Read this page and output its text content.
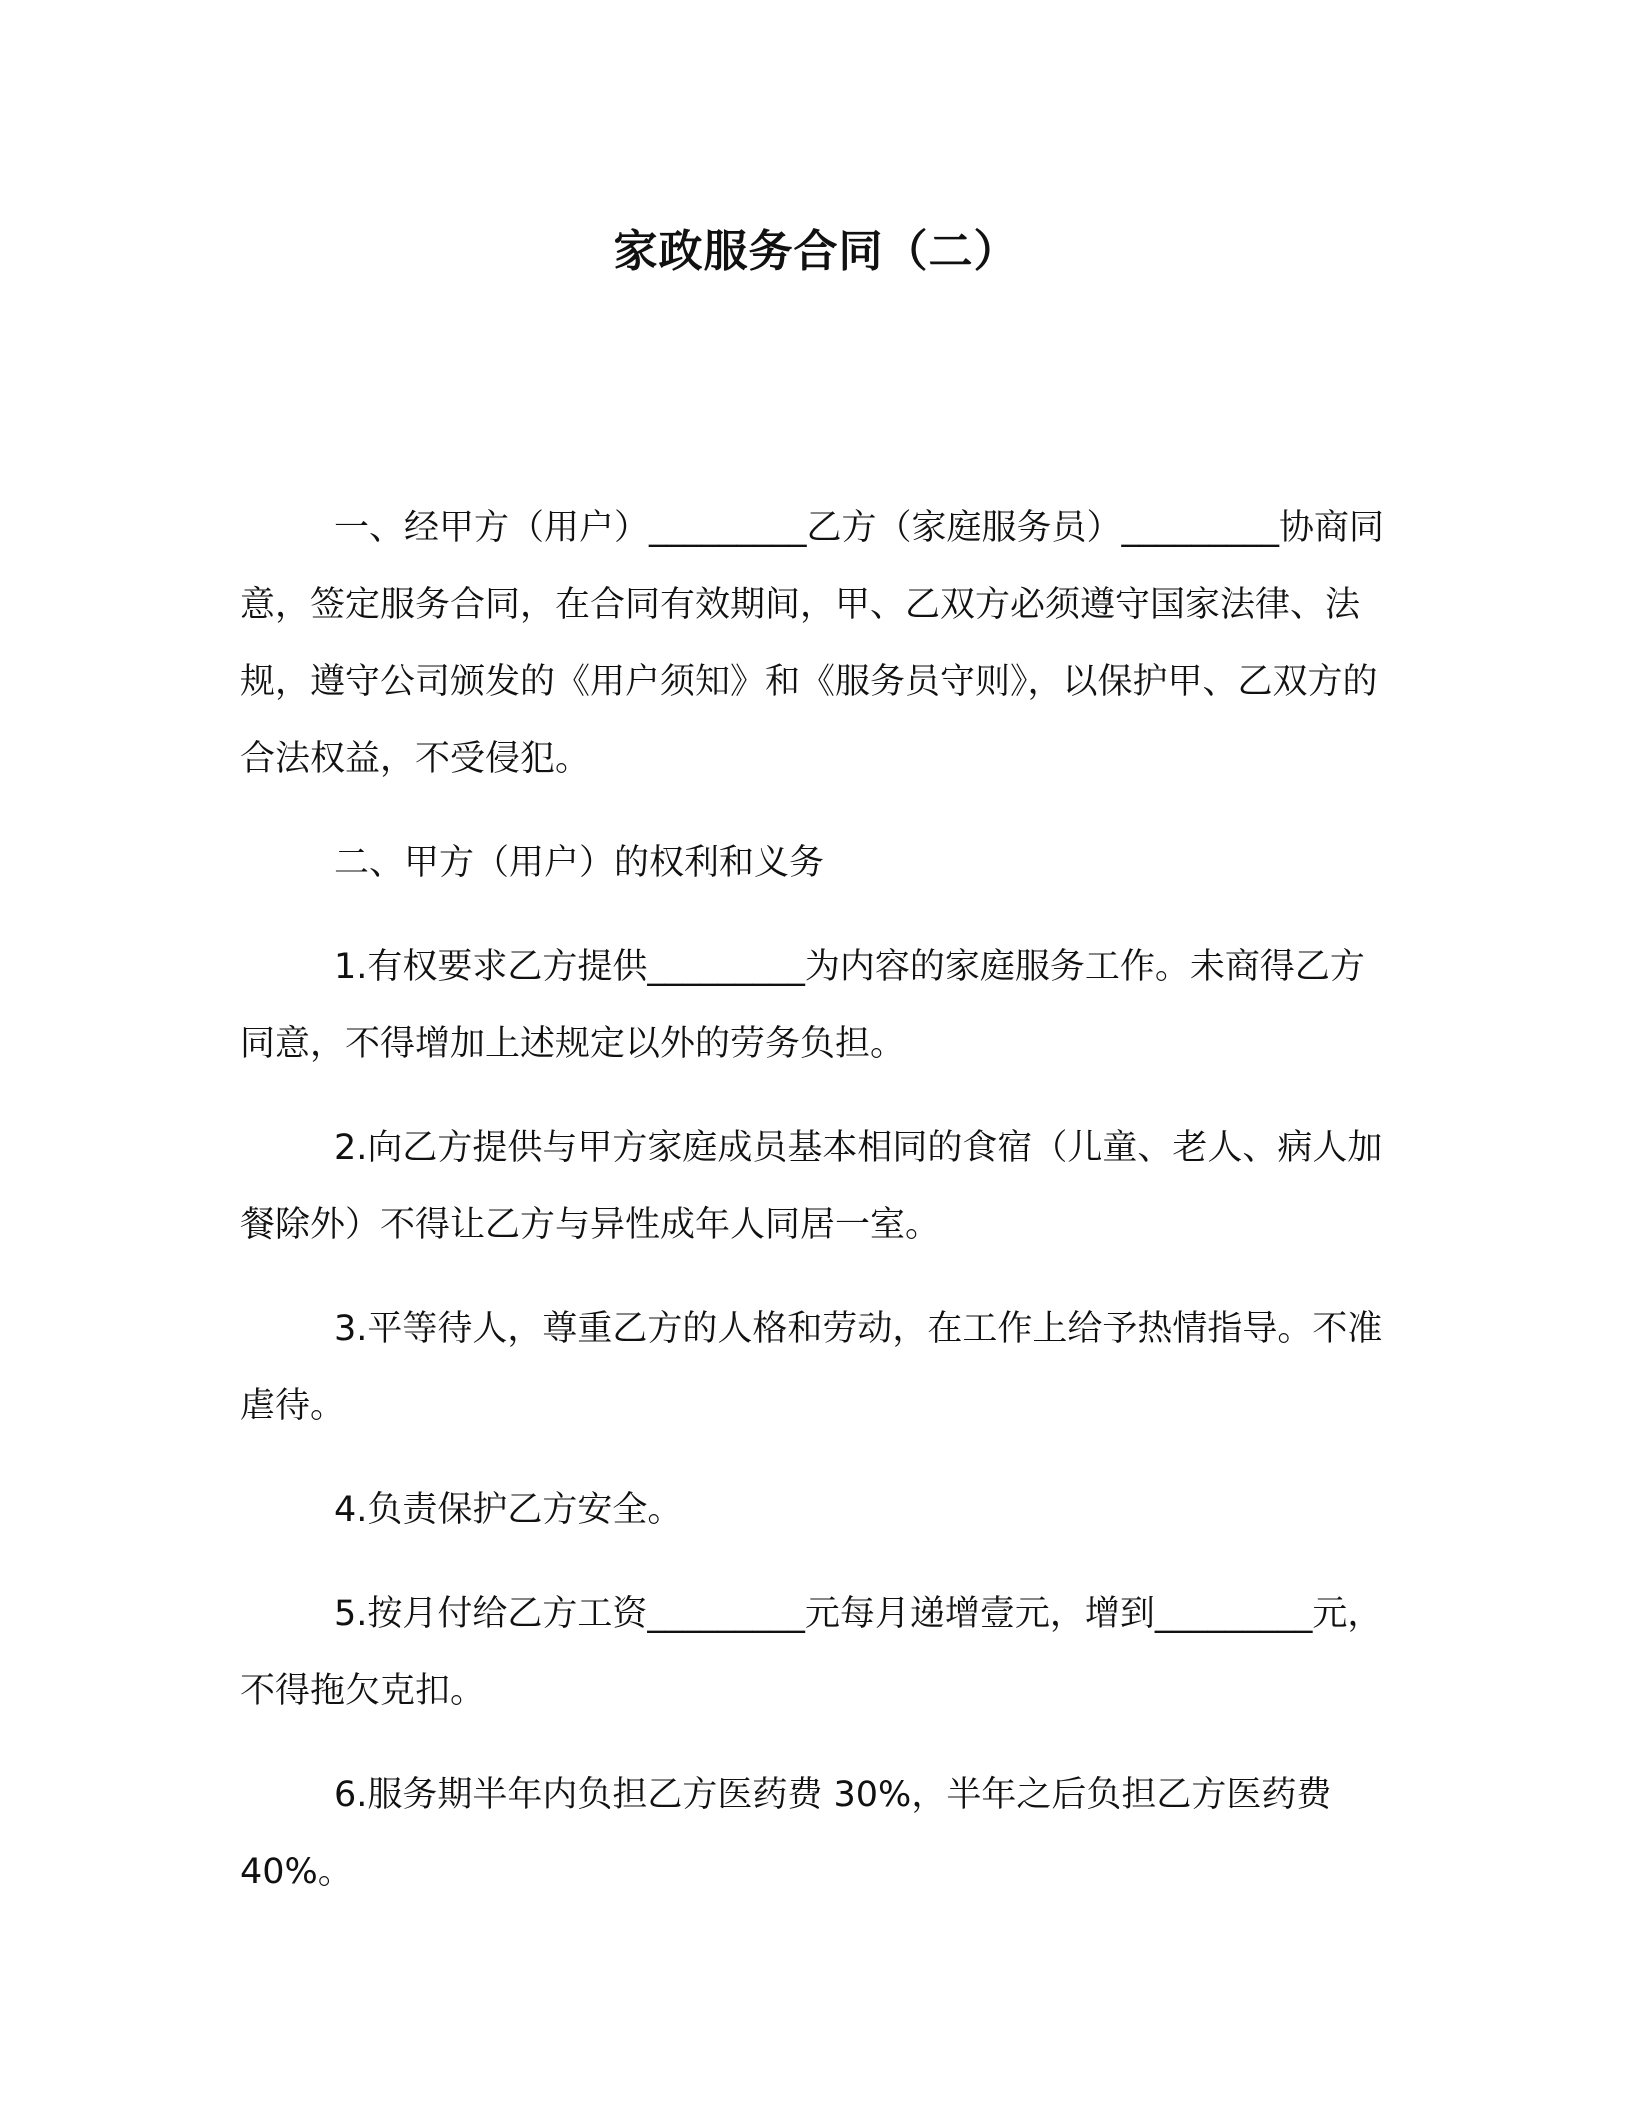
家政服务合同（二）

一、经甲方（用户）_________乙方（家庭服务员）_________协商同意，签定服务合同，在合同有效期间，甲、乙双方必须遵守国家法律、法规，遵守公司颁发的《用户须知》和《服务员守则》，以保护甲、乙双方的合法权益，不受侵犯。

二、甲方（用户）的权利和义务

1.有权要求乙方提供_________为内容的家庭服务工作。未商得乙方同意，不得增加上述规定以外的劳务负担。

2.向乙方提供与甲方家庭成员基本相同的食宿（儿童、老人、病人加餐除外）不得让乙方与异性成年人同居一室。

3.平等待人，尊重乙方的人格和劳动，在工作上给予热情指导。不准虐待。

4.负责保护乙方安全。

5.按月付给乙方工资_________元每月递增壹元，增到_________元，不得拖欠克扣。

6.服务期半年内负担乙方医药费 30%，半年之后负担乙方医药费 40%。
